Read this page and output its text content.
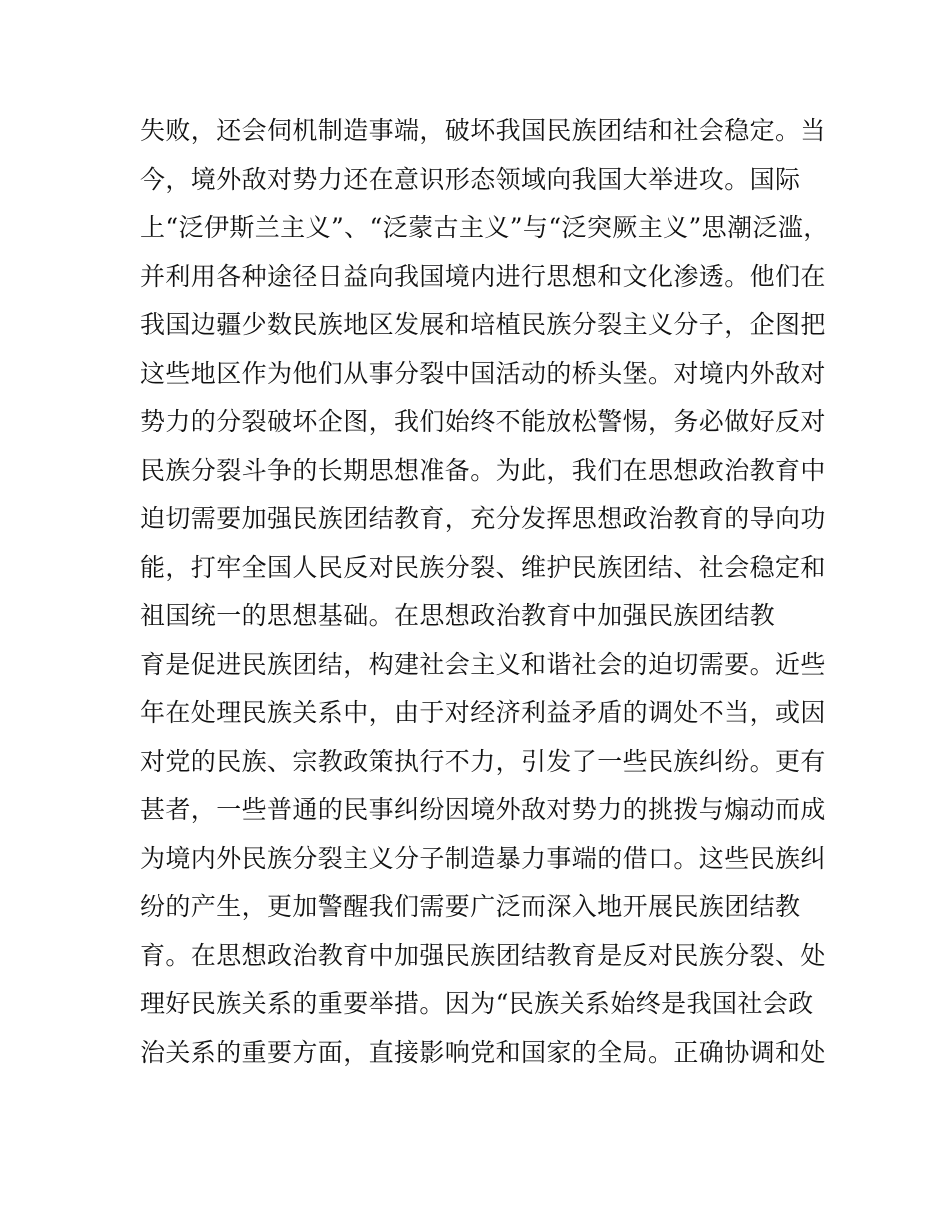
失败，还会伺机制造事端，破坏我国民族团结和社会稳定。当
今，境外敌对势力还在意识形态领域向我国大举进攻。国际
上“泛伊斯兰主义”、“泛蒙古主义”与“泛突厥主义”思潮泛滥，
并利用各种途径日益向我国境内进行思想和文化渗透。他们在
我国边疆少数民族地区发展和培植民族分裂主义分子，企图把
这些地区作为他们从事分裂中国活动的桥头堡。对境内外敌对
势力的分裂破坏企图，我们始终不能放松警惕，务必做好反对
民族分裂斗争的长期思想准备。为此，我们在思想政治教育中
迫切需要加强民族团结教育，充分发挥思想政治教育的导向功
能，打牢全国人民反对民族分裂、维护民族团结、社会稳定和
祖国统一的思想基础。在思想政治教育中加强民族团结教
育是促进民族团结，构建社会主义和谐社会的迫切需要。近些
年在处理民族关系中，由于对经济利益矛盾的调处不当，或因
对党的民族、宗教政策执行不力，引发了一些民族纠纷。更有
甚者，一些普通的民事纠纷因境外敌对势力的挑拨与煽动而成
为境内外民族分裂主义分子制造暴力事端的借口。这些民族纠
纷的产生，更加警醒我们需要广泛而深入地开展民族团结教
育。在思想政治教育中加强民族团结教育是反对民族分裂、处
理好民族关系的重要举措。因为“民族关系始终是我国社会政
治关系的重要方面，直接影响党和国家的全局。正确协调和处
